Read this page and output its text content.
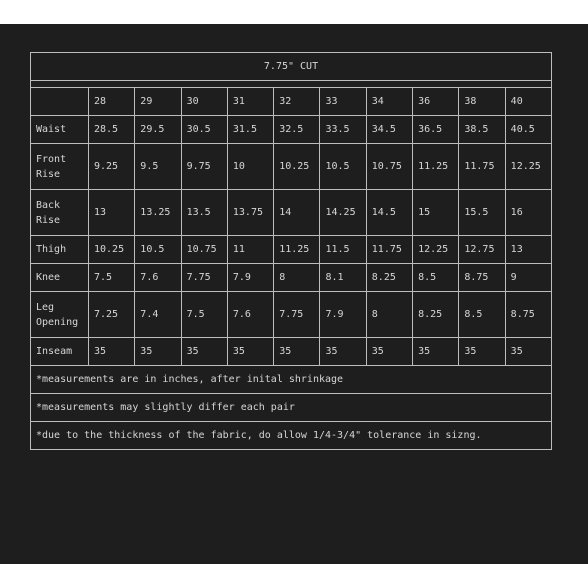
7.75" CUT										

	28	29	30	31	32	33	34	36	38	40
Waist	28.5	29.5	30.5	31.5	32.5	33.5	34.5	36.5	38.5	40.5
Front Rise	9.25	9.5	9.75	10	10.25	10.5	10.75	11.25	11.75	12.25
Back Rise	13	13.25	13.5	13.75	14	14.25	14.5	15	15.5	16
Thigh	10.25	10.5	10.75	11	11.25	11.5	11.75	12.25	12.75	13
Knee	7.5	7.6	7.75	7.9	8	8.1	8.25	8.5	8.75	9
Leg Opening	7.25	7.4	7.5	7.6	7.75	7.9	8	8.25	8.5	8.75
Inseam	35	35	35	35	35	35	35	35	35	35
*measurements are in inches, after inital shrinkage										
*measurements may slightly differ each pair										
*due to the thickness of the fabric, do allow 1/4-3/4" tolerance in sizng.										
